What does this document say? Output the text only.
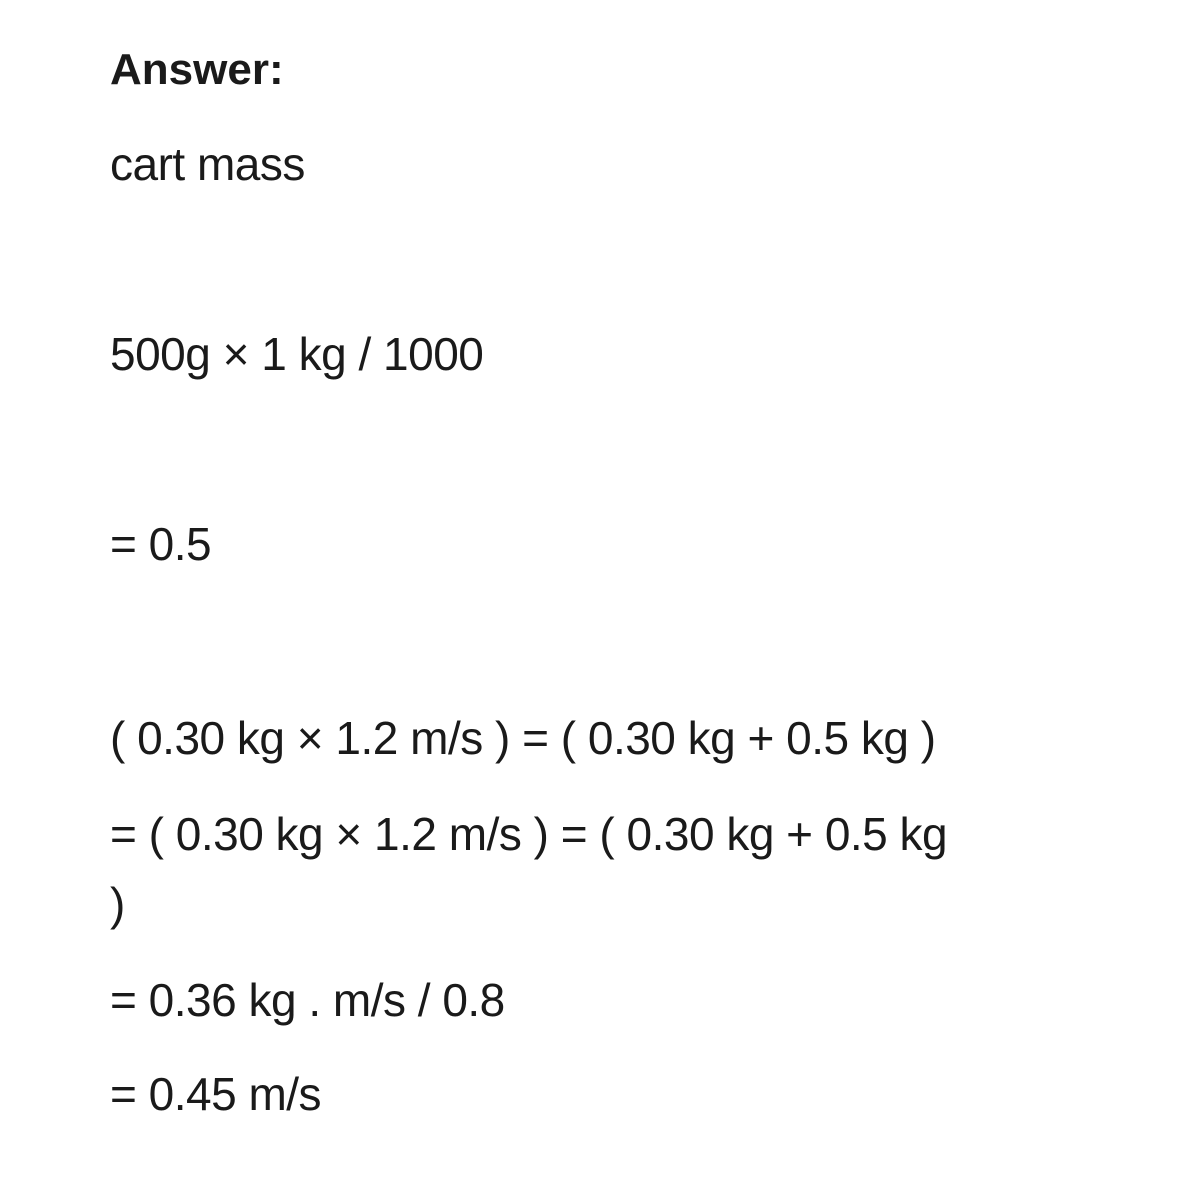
Answer:
cart mass
500g × 1 kg / 1000
= 0.5
( 0.30 kg × 1.2 m/s ) = ( 0.30 kg + 0.5 kg )
= ( 0.30 kg × 1.2 m/s ) = ( 0.30 kg + 0.5 kg
)
= 0.36 kg . m/s / 0.8
= 0.45 m/s
